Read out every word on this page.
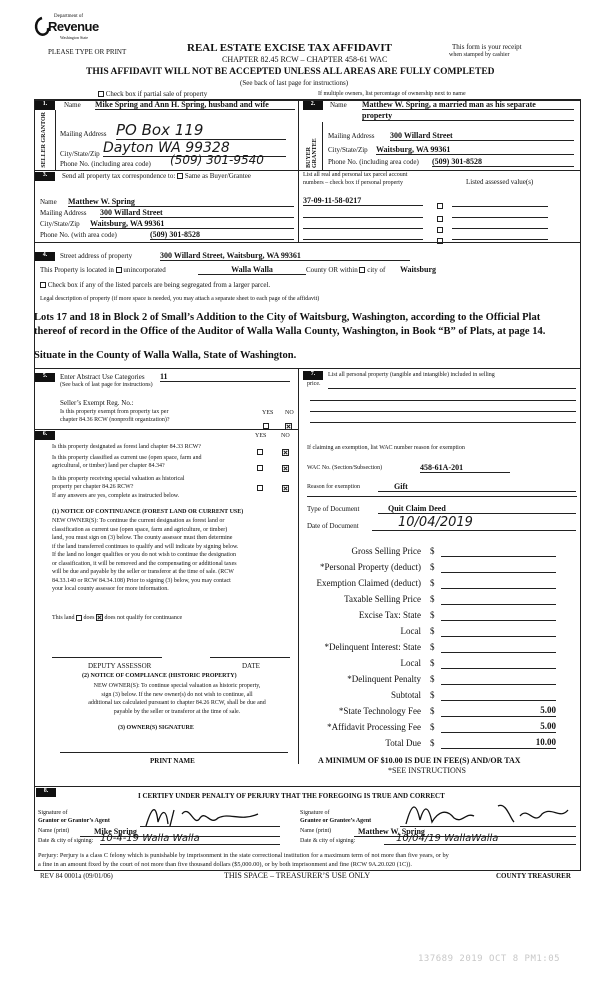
Department of
Revenue
Washington State
PLEASE TYPE OR PRINT	REAL ESTATE EXCISE TAX AFFIDAVIT
CHAPTER 82.45 RCW – CHAPTER 458-61 WAC
This form is your receipt
when stamped by cashier
THIS AFFIDAVIT WILL NOT BE ACCEPTED UNLESS ALL AREAS ARE FULLY COMPLETED
(See back of last page for instructions)
Check box if partial sale of property	If multiple owners, list percentage of ownership next to name
1.	Name Mike Spring and Ann H. Spring, husband and wife
SELLER GRANTOR Mailing Address PO Box 119
City/State/Zip Dayton WA 99328
Phone No. (including area code) (509) 301-9540
2.	Name Matthew W. Spring, a married man as his separate
property
BUYER GRANTEE
Mailing Address 300 Willard Street
City/State/Zip Waitsburg, WA 99361
Phone No. (including area code) (509) 301-8528
3.	Send all property tax correspondence to: Same as Buyer/Grantee	List all real and personal tax parcel account
numbers – check box if personal property	Listed assessed value(s)
Name Matthew W. Spring
Mailing Address 300 Willard Street
City/State/Zip Waitsburg, WA 99361
Phone No. (with area code)	(509) 301-8528
37-09-11-58-0217
4.	Street address of property	300 Willard Street, Waitsburg, WA 99361
This Property is located in unincorporated	Walla Walla	County OR within city of Waitsburg
Check box if any of the listed parcels are being segregated from a larger parcel.
Legal description of property (if more space is needed, you may attach a separate sheet to each page of the affidavit)
Lots 17 and 18 in Block 2 of Small’s Addition to the City of Waitsburg, Washington, according to the Official Plat
thereof of record in the Office of the Auditor of Walla Walla County, Washington, in Book “B” of Plats, at page 14.
Situate in the County of Walla Walla, State of Washington.
5.	Enter Abstract Use Categories 11
(See back of last page for instructions)
Seller’s Exempt Reg. No.:
YES NO
Is this property exempt from property tax per
chapter 84.36 RCW (nonprofit organization)?
6.	YES NO
Is this property designated as forest land chapter 84.33 RCW?
Is this property classified as current use (open space, farm and
agricultural, or timber) land per chapter 84.34?
Is this property receiving special valuation as historical
property per chapter 84.26 RCW?
If any answers are yes, complete as instructed below.
(1) NOTICE OF CONTINUANCE (FOREST LAND OR CURRENT USE)
NEW OWNER(S): To continue the current designation as forest land or
classification as current use (open space, farm and agriculture, or timber)
land, you must sign on (3) below. The county assessor must then determine
if the land transferred continues to qualify and will indicate by signing below.
If the land no longer qualifies or you do not wish to continue the designation
or classification, it will be removed and the compensating or additional taxes
will be due and payable by the seller or transferor at the time of sale. (RCW
84.33.140 or RCW 84.34.108) Prior to signing (3) below, you may contact
your local county assessor for more information.
This land does does not qualify for continuance
DEPUTY ASSESSOR	DATE
(2) NOTICE OF COMPLIANCE (HISTORIC PROPERTY)
NEW OWNER(S): To continue special valuation as historic property,
sign (3) below. If the new owner(s) do not wish to continue, all
additional tax calculated pursuant to chapter 84.26 RCW, shall be due and
payable by the seller or transferor at the time of sale.
(3) OWNER(S) SIGNATURE
PRINT NAME
7.	List all personal property (tangible and intangible) included in selling
price.
If claiming an exemption, list WAC number reason for exemption
WAC No. (Section/Subsection)	458-61A-201
Reason for exemption	Gift
Type of Document	Quit Claim Deed
Date of Document	10/04/2019
Gross Selling Price $
*Personal Property (deduct) $
Exemption Claimed (deduct) $
Taxable Selling Price $
Excise Tax: State $
Local $
*Delinquent Interest: State $
Local $
*Delinquent Penalty $
Subtotal $
*State Technology Fee $	5.00
*Affidavit Processing Fee $	5.00
Total Due $	10.00
A MINIMUM OF $10.00 IS DUE IN FEE(S) AND/OR TAX
*SEE INSTRUCTIONS
8.
I CERTIFY UNDER PENALTY OF PERJURY THAT THE FOREGOING IS TRUE AND CORRECT
Signature of
Grantor or Grantor’s Agent
Name (print)	Mike Spring
Date & city of signing: 10-4-19 Walla Walla
Signature of
Grantee or Grantee’s Agent
Name (print)	Matthew W. Spring
Date & city of signing:	10/04/19 WallaWalla
Perjury: Perjury is a class C felony which is punishable by imprisonment in the state correctional institution for a maximum term of not more than five years, or by
a fine in an amount fixed by the court of not more than five thousand dollars ($5,000.00), or by both imprisonment and fine (RCW 9A.20.020 (1C)).
REV 84 0001a (09/01/06)	THIS SPACE – TREASURER’S USE ONLY	COUNTY TREASURER
137689 2019 OCT 8 PM1:05
